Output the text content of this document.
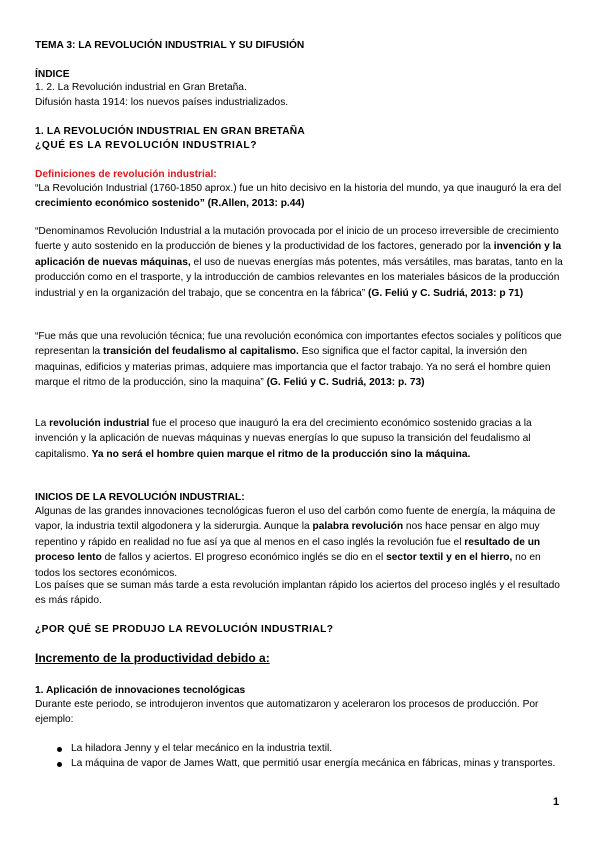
TEMA 3: LA REVOLUCIÓN INDUSTRIAL Y SU DIFUSIÓN
ÍNDICE
1. 2. La Revolución industrial en Gran Bretaña.
Difusión hasta 1914: los nuevos países industrializados.
1. LA REVOLUCIÓN INDUSTRIAL EN GRAN BRETAÑA
¿QUÉ ES LA REVOLUCIÓN INDUSTRIAL?
Definiciones de revolución industrial:
“La Revolución Industrial (1760-1850 aprox.) fue un hito decisivo en la historia del mundo, ya que inauguró la era del crecimiento económico sostenido” (R.Allen, 2013: p.44)
“Denominamos Revolución Industrial a la mutación provocada por el inicio de un proceso irreversible de crecimiento fuerte y auto sostenido en la producción de bienes y la productividad de los factores, generado por la invención y la aplicación de nuevas máquinas, el uso de nuevas energías más potentes, más versátiles, mas baratas, tanto en la producción como en el trasporte, y la introducción de cambios relevantes en los materiales básicos de la producción industrial y en la organización del trabajo, que se concentra en la fábrica” (G. Feliú y C. Sudriá, 2013: p 71)
“Fue más que una revolución técnica; fue una revolución económica con importantes efectos sociales y políticos que representan la transición del feudalismo al capitalismo. Eso significa que el factor capital, la inversión den maquinas, edificios y materias primas, adquiere mas importancia que el factor trabajo. Ya no será el hombre quien marque el ritmo de la producción, sino la maquina” (G. Feliú y C. Sudriá, 2013: p. 73)
La revolución industrial fue el proceso que inauguró la era del crecimiento económico sostenido gracias a la invención y la aplicación de nuevas máquinas y nuevas energías lo que supuso la transición del feudalismo al capitalismo. Ya no será el hombre quien marque el ritmo de la producción sino la máquina.
INICIOS DE LA REVOLUCIÓN INDUSTRIAL:
Algunas de las grandes innovaciones tecnológicas fueron el uso del carbón como fuente de energía, la máquina de vapor, la industria textil algodonera y la siderurgia. Aunque la palabra revolución nos hace pensar en algo muy repentino y rápido en realidad no fue así ya que al menos en el caso inglés la revolución fue el resultado de un proceso lento de fallos y aciertos. El progreso económico inglés se dio en el sector textil y en el hierro, no en todos los sectores económicos.
Los países que se suman más tarde a esta revolución implantan rápido los aciertos del proceso inglés y el resultado es más rápido.
¿POR QUÉ SE PRODUJO LA REVOLUCIÓN INDUSTRIAL?
Incremento de la productividad debido a:
1. Aplicación de innovaciones tecnológicas
Durante este periodo, se introdujeron inventos que automatizaron y aceleraron los procesos de producción. Por ejemplo:
La hiladora Jenny y el telar mecánico en la industria textil.
La máquina de vapor de James Watt, que permitió usar energía mecánica en fábricas, minas y transportes.
1
